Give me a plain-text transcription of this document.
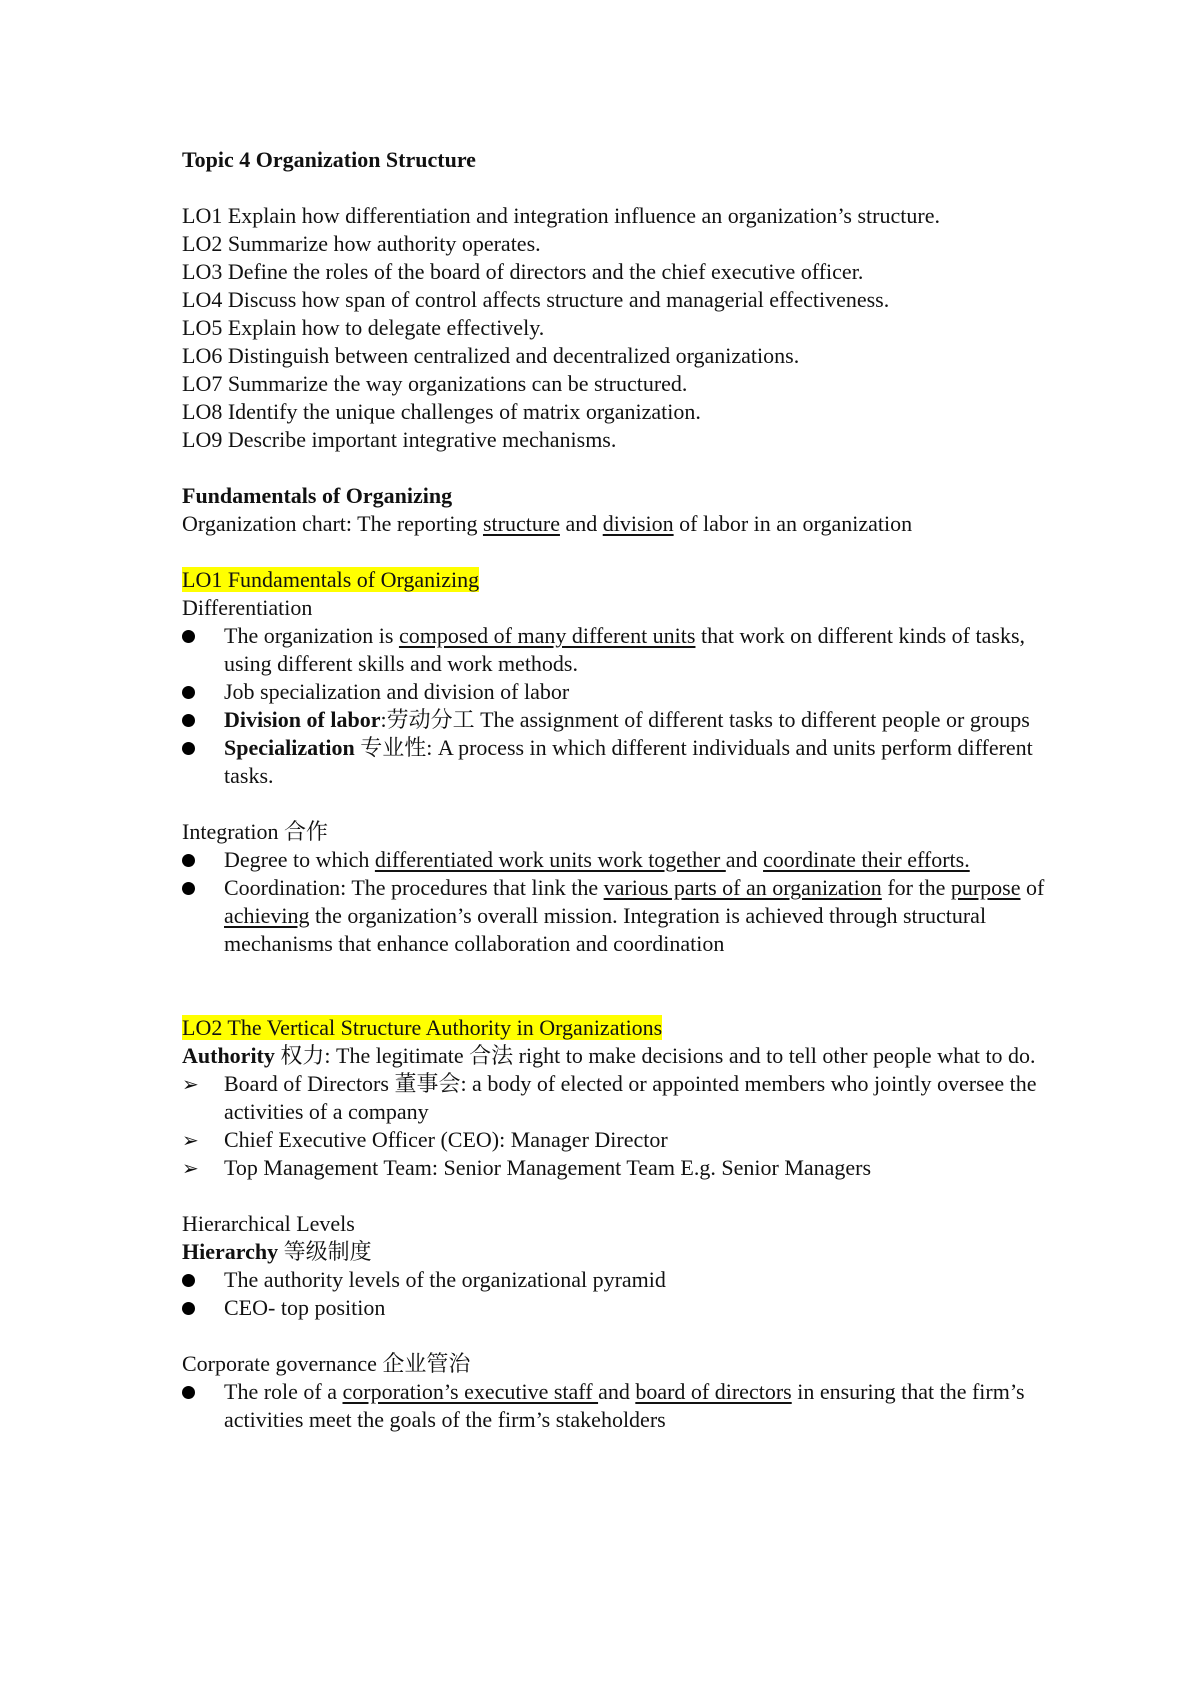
Topic 4 Organization Structure

LO1 Explain how differentiation and integration influence an organization’s structure.

LO2 Summarize how authority operates.

LO3 Define the roles of the board of directors and the chief executive officer.

LO4 Discuss how span of control affects structure and managerial effectiveness.

LO5 Explain how to delegate effectively.

LO6 Distinguish between centralized and decentralized organizations.

LO7 Summarize the way organizations can be structured.

LO8 Identify the unique challenges of matrix organization.

LO9 Describe important integrative mechanisms.

Fundamentals of Organizing

Organization chart: The reporting structure and division of labor in an organization

LO1 Fundamentals of Organizing

Differentiation

The organization is composed of many different units that work on different kinds of tasks, using different skills and work methods.
Job specialization and division of labor
Division of labor:劳动分工 The assignment of different tasks to different people or groups
Specialization 专业性: A process in which different individuals and units perform different tasks.

Integration 合作

Degree to which differentiated work units work together and coordinate their efforts.
Coordination: The procedures that link the various parts of an organization for the purpose of achieving the organization’s overall mission. Integration is achieved through structural mechanisms that enhance collaboration and coordination

LO2 The Vertical Structure Authority in Organizations

Authority 权力: The legitimate 合法 right to make decisions and to tell other people what to do.

➢	Board of Directors 董事会: a body of elected or appointed members who jointly oversee the activities of a company
➢	Chief Executive Officer (CEO): Manager Director
➢	Top Management Team: Senior Management Team E.g. Senior Managers

Hierarchical Levels

Hierarchy 等级制度

The authority levels of the organizational pyramid
CEO- top position

Corporate governance 企业管治

The role of a corporation’s executive staff and board of directors in ensuring that the firm’s activities meet the goals of the firm’s stakeholders
